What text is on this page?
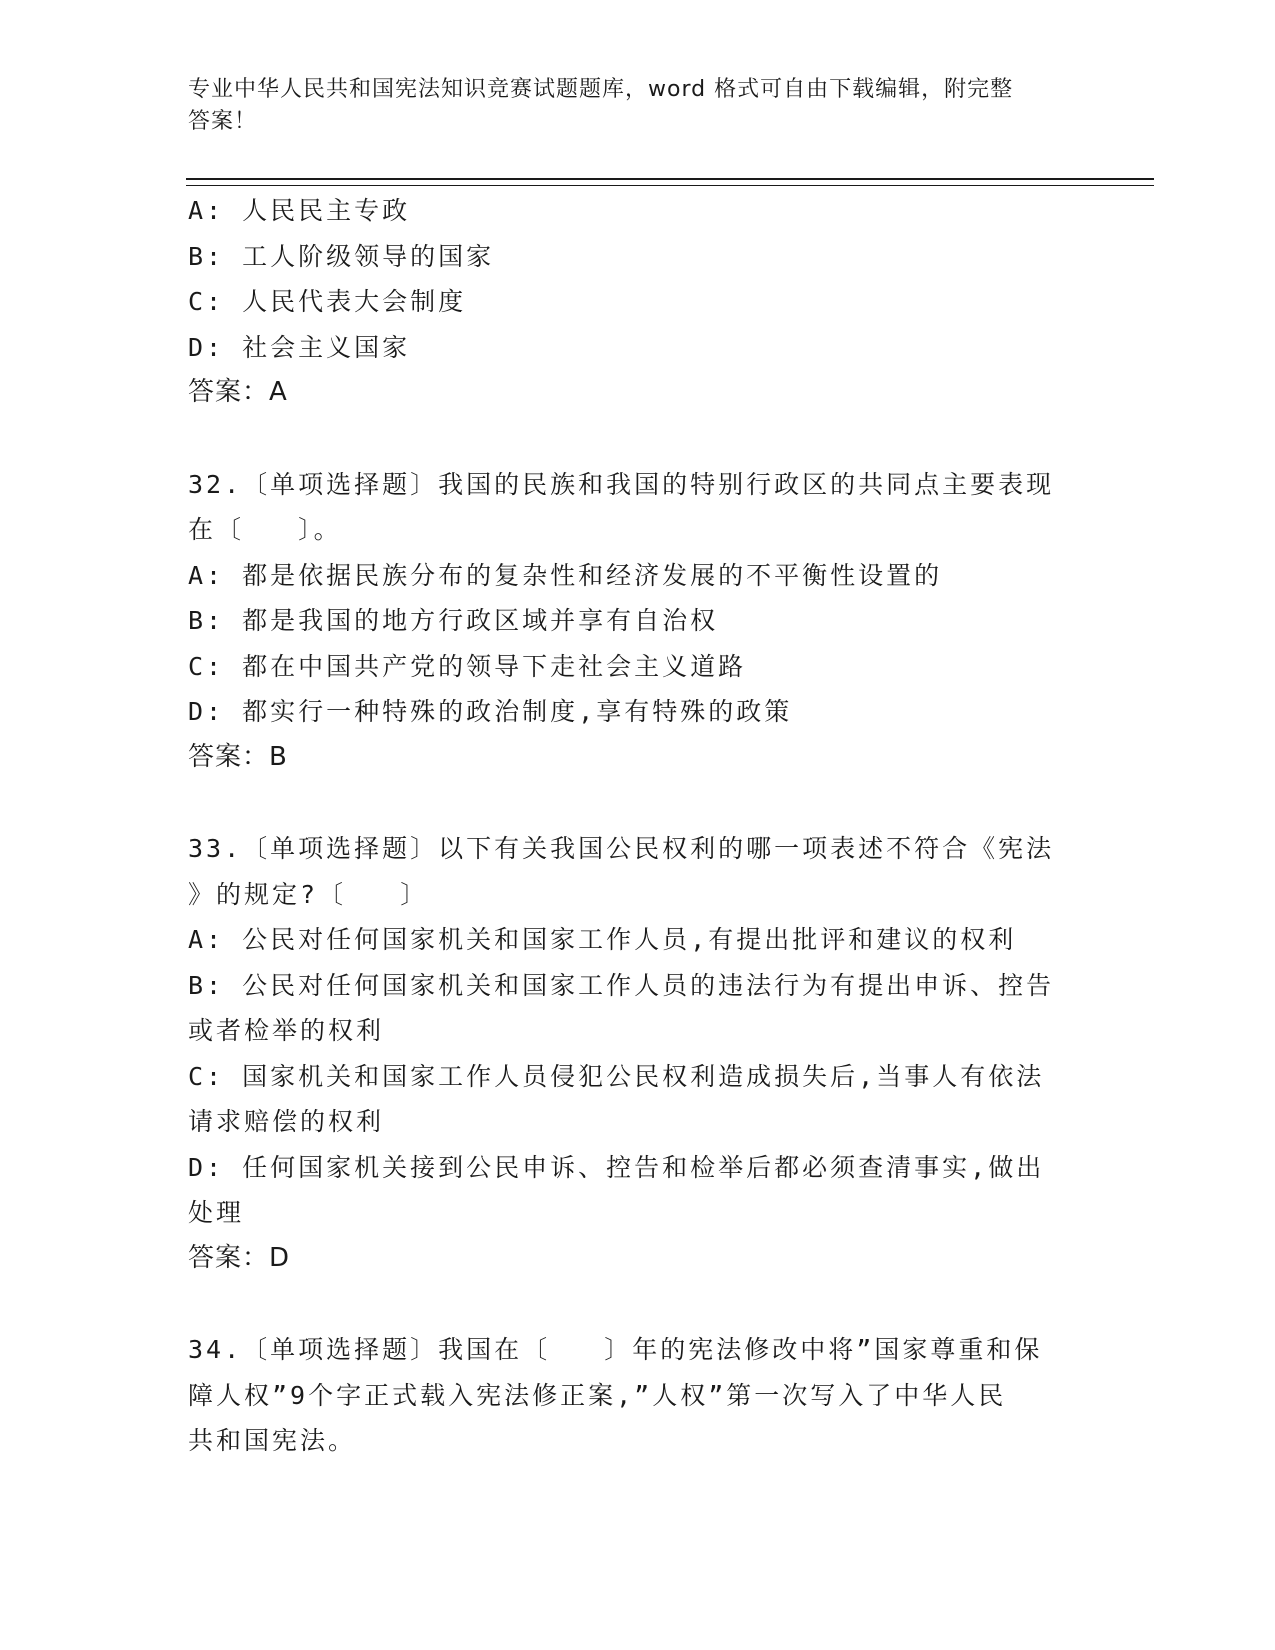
专业中华人民共和国宪法知识竞赛试题题库，word 格式可自由下载编辑，附完整
答案！

A: 人民民主专政

B: 工人阶级领导的国家

C: 人民代表大会制度

D: 社会主义国家

答案：A

32.〔单项选择题〕我国的民族和我国的特别行政区的共同点主要表现

在〔   〕。

A: 都是依据民族分布的复杂性和经济发展的不平衡性设置的

B: 都是我国的地方行政区域并享有自治权

C: 都在中国共产党的领导下走社会主义道路

D: 都实行一种特殊的政治制度,享有特殊的政策

答案：B

33.〔单项选择题〕以下有关我国公民权利的哪一项表述不符合《宪法

》的规定?〔   〕

A: 公民对任何国家机关和国家工作人员,有提出批评和建议的权利

B: 公民对任何国家机关和国家工作人员的违法行为有提出申诉、控告

或者检举的权利

C: 国家机关和国家工作人员侵犯公民权利造成损失后,当事人有依法

请求赔偿的权利

D: 任何国家机关接到公民申诉、控告和检举后都必须查清事实,做出

处理

答案：D

34.〔单项选择题〕我国在〔   〕年的宪法修改中将”国家尊重和保

障人权”9个字正式载入宪法修正案,”人权”第一次写入了中华人民

共和国宪法。
